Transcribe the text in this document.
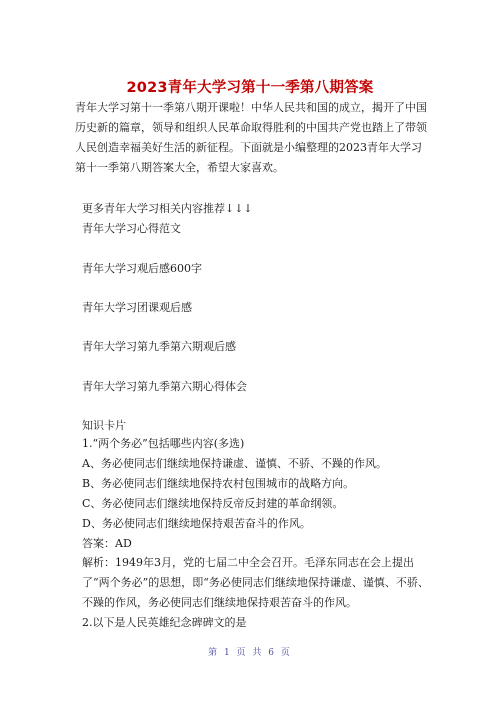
2023青年大学习第十一季第八期答案

青年大学习第十一季第八期开课啦！中华人民共和国的成立，揭开了中国历史新的篇章，领导和组织人民革命取得胜利的中国共产党也踏上了带领人民创造幸福美好生活的新征程。下面就是小编整理的2023青年大学习第十一季第八期答案大全，希望大家喜欢。

更多青年大学习相关内容推荐↓↓↓

青年大学习心得范文

青年大学习观后感600字

青年大学习团课观后感

青年大学习第九季第六期观后感

青年大学习第九季第六期心得体会

知识卡片

1.“两个务必”包括哪些内容(多选)

A、务必使同志们继续地保持谦虚、谨慎、不骄、不躁的作风。

B、务必使同志们继续地保持农村包围城市的战略方向。

C、务必使同志们继续地保持反帝反封建的革命纲领。

D、务必使同志们继续地保持艰苦奋斗的作风。

答案：AD

解析：1949年3月，党的七届二中全会召开。毛泽东同志在会上提出了“两个务必”的思想，即“务必使同志们继续地保持谦虚、谨慎、不骄、不躁的作风，务必使同志们继续地保持艰苦奋斗的作风。

2.以下是人民英雄纪念碑碑文的是

第 1 页 共 6 页
